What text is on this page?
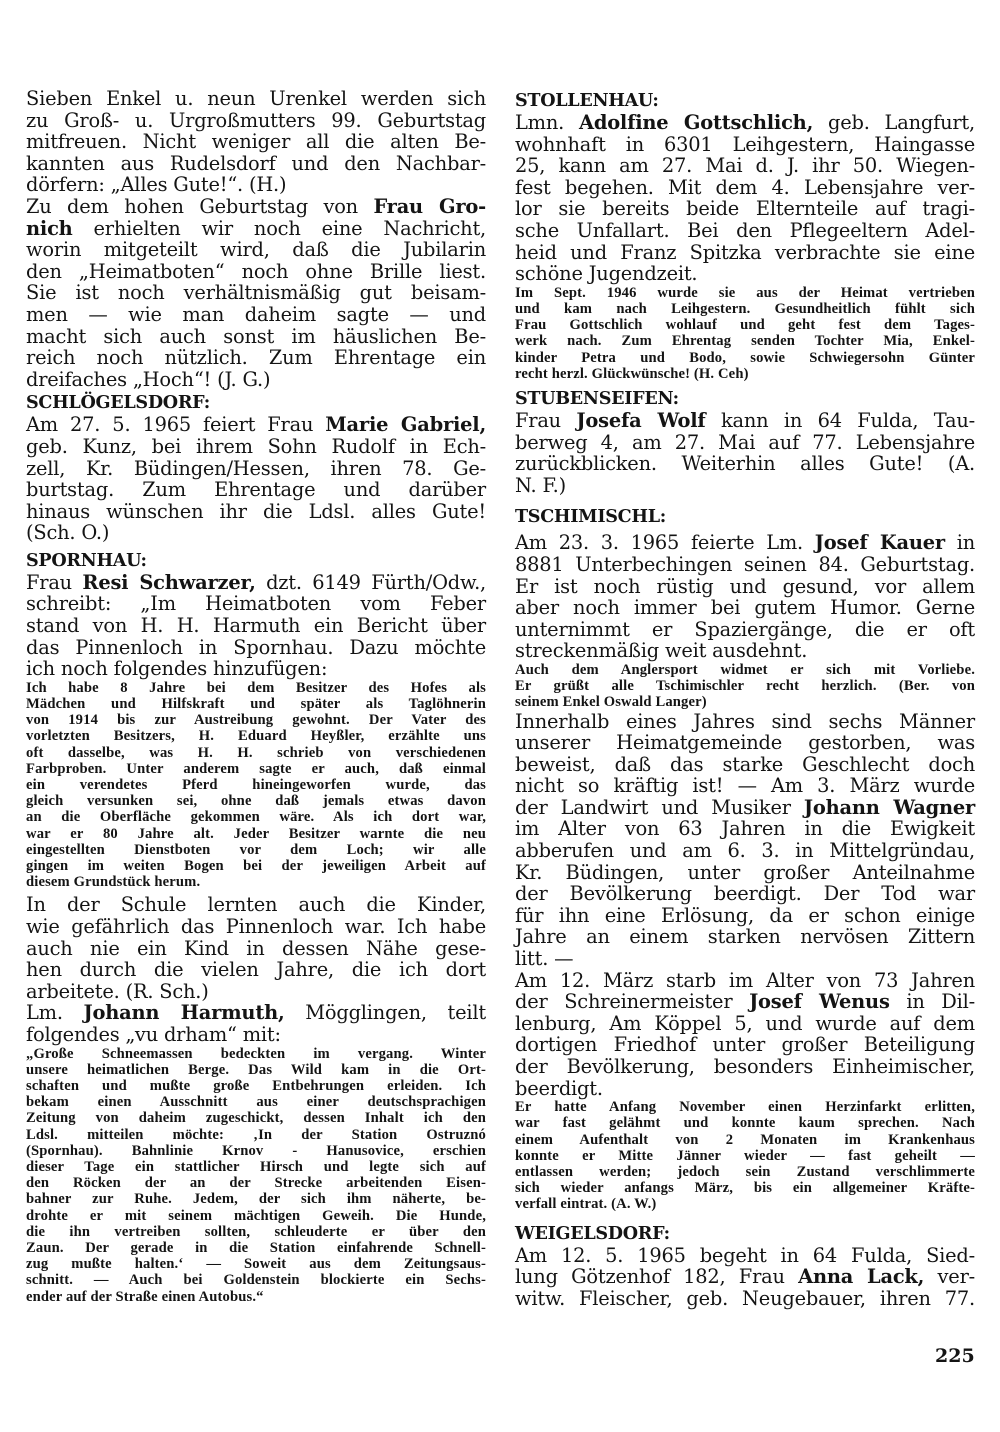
Sieben Enkel u. neun Urenkel werden sich
zu Groß- u. Urgroßmutters 99. Geburtstag
mitfreuen. Nicht weniger all die alten Be-
kannten aus Rudelsdorf und den Nachbar-
dörfern: „Alles Gute!“. (H.)
Zu dem hohen Geburtstag von Frau Gro-
nich erhielten wir noch eine Nachricht,
worin mitgeteilt wird, daß die Jubilarin
den „Heimatboten“ noch ohne Brille liest.
Sie ist noch verhältnismäßig gut beisam-
men — wie man daheim sagte — und
macht sich auch sonst im häuslichen Be-
reich noch nützlich. Zum Ehrentage ein
dreifaches „Hoch“! (J. G.)
SCHLÖGELSDORF:
Am 27. 5. 1965 feiert Frau Marie Gabriel,
geb. Kunz, bei ihrem Sohn Rudolf in Ech-
zell, Kr. Büdingen/Hessen, ihren 78. Ge-
burtstag. Zum Ehrentage und darüber
hinaus wünschen ihr die Ldsl. alles Gute!
(Sch. O.)
SPORNHAU:
Frau Resi Schwarzer, dzt. 6149 Fürth/Odw.,
schreibt: „Im Heimatboten vom Feber
stand von H. H. Harmuth ein Bericht über
das Pinnenloch in Spornhau. Dazu möchte
ich noch folgendes hinzufügen:
Ich habe 8 Jahre bei dem Besitzer des Hofes als
Mädchen und Hilfskraft und später als Taglöhnerin
von 1914 bis zur Austreibung gewohnt. Der Vater des
vorletzten Besitzers, H. Eduard Heyßler, erzählte uns
oft dasselbe, was H. H. schrieb von verschiedenen
Farbproben. Unter anderem sagte er auch, daß einmal
ein verendetes Pferd hineingeworfen wurde, das
gleich versunken sei, ohne daß jemals etwas davon
an die Oberfläche gekommen wäre. Als ich dort war,
war er 80 Jahre alt. Jeder Besitzer warnte die neu
eingestellten Dienstboten vor dem Loch; wir alle
gingen im weiten Bogen bei der jeweiligen Arbeit auf
diesem Grundstück herum.
In der Schule lernten auch die Kinder,
wie gefährlich das Pinnenloch war. Ich habe
auch nie ein Kind in dessen Nähe gese-
hen durch die vielen Jahre, die ich dort
arbeitete. (R. Sch.)
Lm. Johann Harmuth, Mögglingen, teilt
folgendes „vu drham“ mit:
„Große Schneemassen bedeckten im vergang. Winter
unsere heimatlichen Berge. Das Wild kam in die Ort-
schaften und mußte große Entbehrungen erleiden. Ich
bekam einen Ausschnitt aus einer deutschsprachigen
Zeitung von daheim zugeschickt, dessen Inhalt ich den
Ldsl. mitteilen möchte: ‚In der Station Ostruznó
(Spornhau). Bahnlinie Krnov - Hanusovice, erschien
dieser Tage ein stattlicher Hirsch und legte sich auf
den Röcken der an der Strecke arbeitenden Eisen-
bahner zur Ruhe. Jedem, der sich ihm näherte, be-
drohte er mit seinem mächtigen Geweih. Die Hunde,
die ihn vertreiben sollten, schleuderte er über den
Zaun. Der gerade in die Station einfahrende Schnell-
zug mußte halten.‘ — Soweit aus dem Zeitungsaus-
schnitt. — Auch bei Goldenstein blockierte ein Sechs-
ender auf der Straße einen Autobus.“
STOLLENHAU:
Lmn. Adolfine Gottschlich, geb. Langfurt,
wohnhaft in 6301 Leihgestern, Haingasse
25, kann am 27. Mai d. J. ihr 50. Wiegen-
fest begehen. Mit dem 4. Lebensjahre ver-
lor sie bereits beide Elternteile auf tragi-
sche Unfallart. Bei den Pflegeeltern Adel-
heid und Franz Spitzka verbrachte sie eine
schöne Jugendzeit.
Im Sept. 1946 wurde sie aus der Heimat vertrieben
und kam nach Leihgestern. Gesundheitlich fühlt sich
Frau Gottschlich wohlauf und geht fest dem Tages-
werk nach. Zum Ehrentag senden Tochter Mia, Enkel-
kinder Petra und Bodo, sowie Schwiegersohn Günter
recht herzl. Glückwünsche! (H. Ceh)
STUBENSEIFEN:
Frau Josefa Wolf kann in 64 Fulda, Tau-
berweg 4, am 27. Mai auf 77. Lebensjahre
zurückblicken. Weiterhin alles Gute! (A.
N. F.)
TSCHIMISCHL:
Am 23. 3. 1965 feierte Lm. Josef Kauer in
8881 Unterbechingen seinen 84. Geburtstag.
Er ist noch rüstig und gesund, vor allem
aber noch immer bei gutem Humor. Gerne
unternimmt er Spaziergänge, die er oft
streckenmäßig weit ausdehnt.
Auch dem Anglersport widmet er sich mit Vorliebe.
Er grüßt alle Tschimischler recht herzlich. (Ber. von
seinem Enkel Oswald Langer)
Innerhalb eines Jahres sind sechs Männer
unserer Heimatgemeinde gestorben, was
beweist, daß das starke Geschlecht doch
nicht so kräftig ist! — Am 3. März wurde
der Landwirt und Musiker Johann Wagner
im Alter von 63 Jahren in die Ewigkeit
abberufen und am 6. 3. in Mittelgründau,
Kr. Büdingen, unter großer Anteilnahme
der Bevölkerung beerdigt. Der Tod war
für ihn eine Erlösung, da er schon einige
Jahre an einem starken nervösen Zittern
litt. —
Am 12. März starb im Alter von 73 Jahren
der Schreinermeister Josef Wenus in Dil-
lenburg, Am Köppel 5, und wurde auf dem
dortigen Friedhof unter großer Beteiligung
der Bevölkerung, besonders Einheimischer,
beerdigt.
Er hatte Anfang November einen Herzinfarkt erlitten,
war fast gelähmt und konnte kaum sprechen. Nach
einem Aufenthalt von 2 Monaten im Krankenhaus
konnte er Mitte Jänner wieder — fast geheilt —
entlassen werden; jedoch sein Zustand verschlimmerte
sich wieder anfangs März, bis ein allgemeiner Kräfte-
verfall eintrat. (A. W.)
WEIGELSDORF:
Am 12. 5. 1965 begeht in 64 Fulda, Sied-
lung Götzenhof 182, Frau Anna Lack, ver-
witw. Fleischer, geb. Neugebauer, ihren 77.
225
